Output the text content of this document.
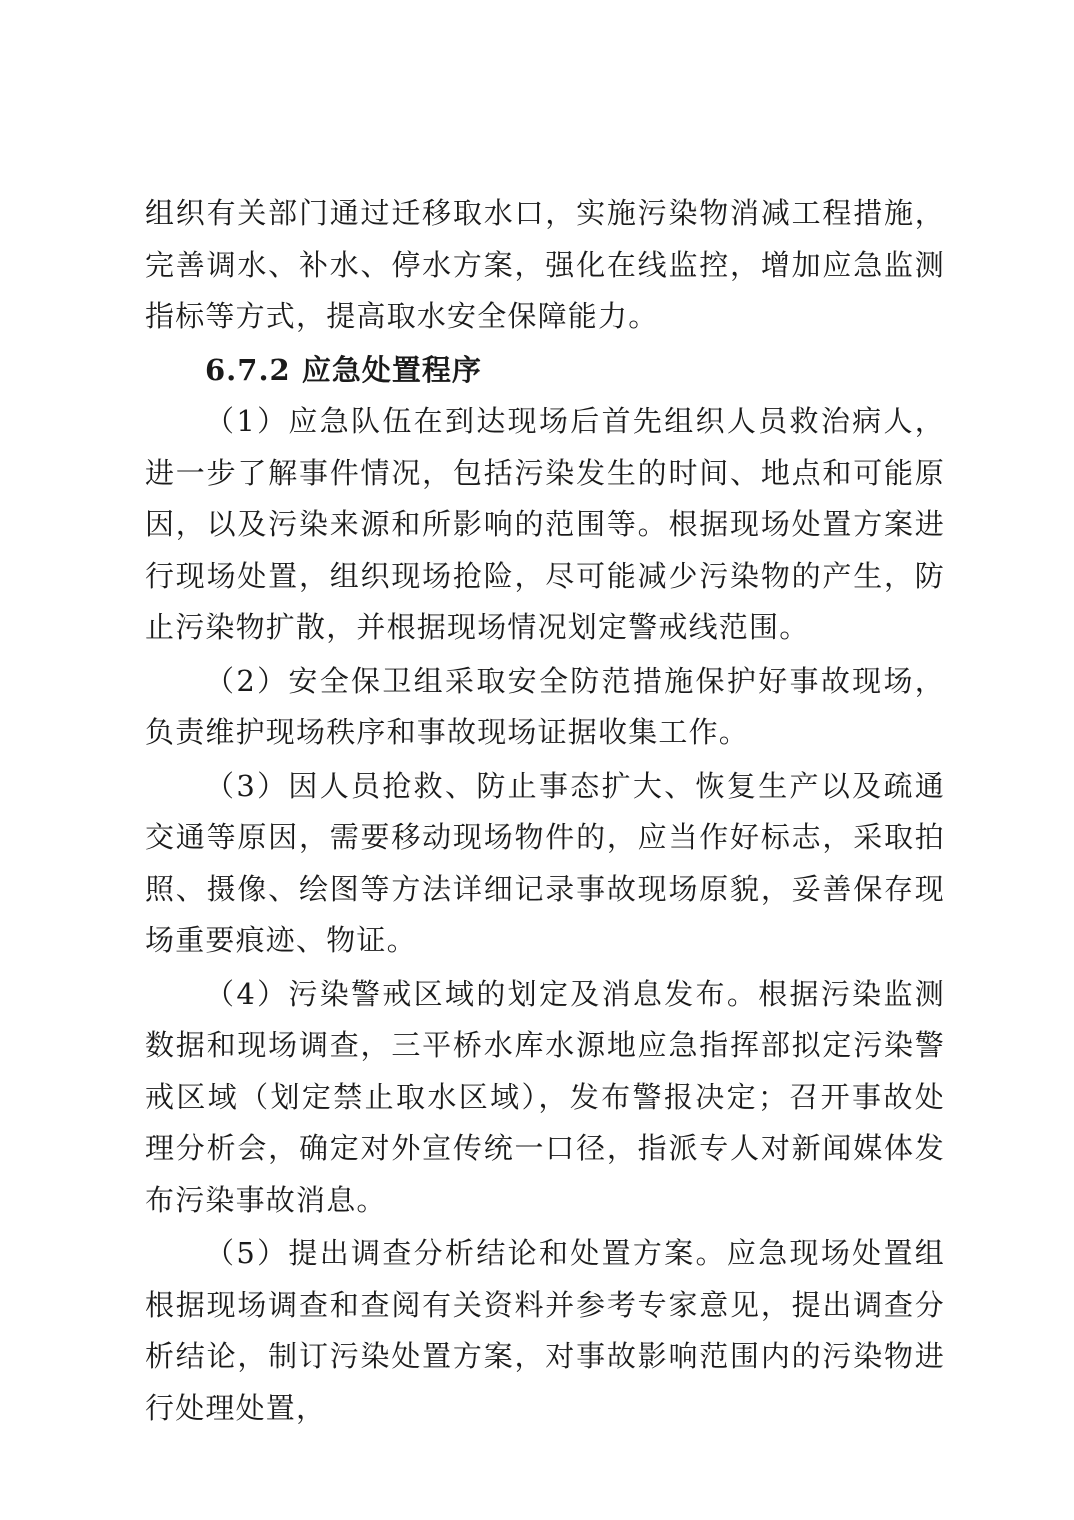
组织有关部门通过迁移取水口，实施污染物消减工程措施，完善调水、补水、停水方案，强化在线监控，增加应急监测指标等方式，提高取水安全保障能力。

6.7.2 应急处置程序

（1）应急队伍在到达现场后首先组织人员救治病人，进一步了解事件情况，包括污染发生的时间、地点和可能原因，以及污染来源和所影响的范围等。根据现场处置方案进行现场处置，组织现场抢险，尽可能减少污染物的产生，防止污染物扩散，并根据现场情况划定警戒线范围。

（2）安全保卫组采取安全防范措施保护好事故现场，负责维护现场秩序和事故现场证据收集工作。

（3）因人员抢救、防止事态扩大、恢复生产以及疏通交通等原因，需要移动现场物件的，应当作好标志，采取拍照、摄像、绘图等方法详细记录事故现场原貌，妥善保存现场重要痕迹、物证。

（4）污染警戒区域的划定及消息发布。根据污染监测数据和现场调查，三平桥水库水源地应急指挥部拟定污染警戒区域（划定禁止取水区域），发布警报决定；召开事故处理分析会，确定对外宣传统一口径，指派专人对新闻媒体发布污染事故消息。

（5）提出调查分析结论和处置方案。应急现场处置组根据现场调查和查阅有关资料并参考专家意见，提出调查分析结论，制订污染处置方案，对事故影响范围内的污染物进行处理处置，
